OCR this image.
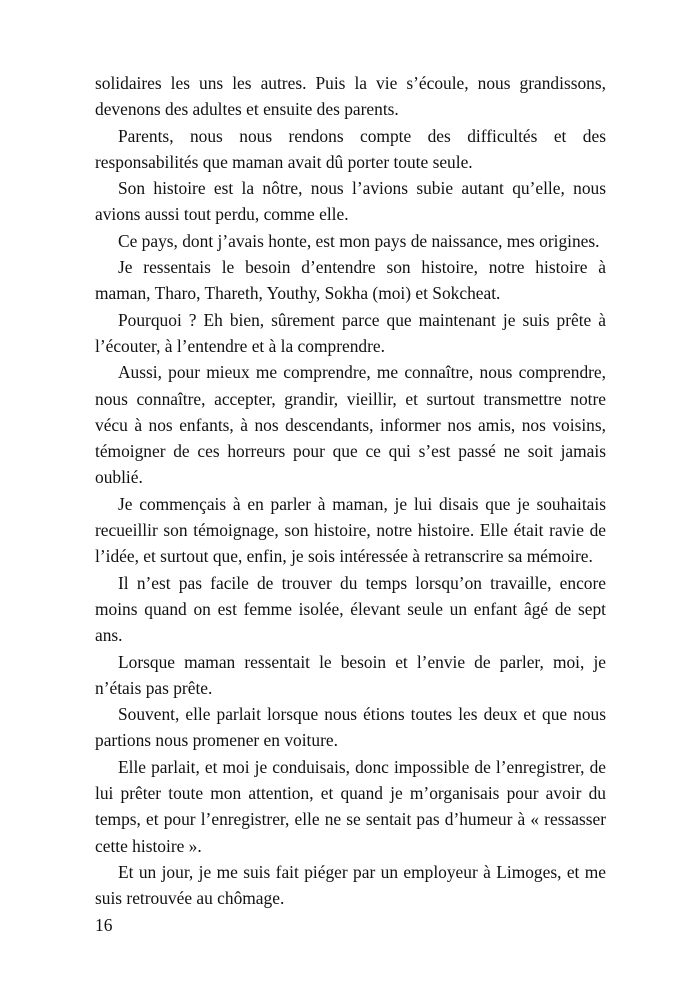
solidaires les uns les autres. Puis la vie s’écoule, nous grandissons, devenons des adultes et ensuite des parents.

Parents, nous nous rendons compte des difficultés et des responsabilités que maman avait dû porter toute seule.

Son histoire est la nôtre, nous l’avions subie autant qu’elle, nous avions aussi tout perdu, comme elle.

Ce pays, dont j’avais honte, est mon pays de naissance, mes origines.

Je ressentais le besoin d’entendre son histoire, notre histoire à maman, Tharo, Thareth, Youthy, Sokha (moi) et Sokcheat.

Pourquoi ? Eh bien, sûrement parce que maintenant je suis prête à l’écouter, à l’entendre et à la comprendre.

Aussi, pour mieux me comprendre, me connaître, nous comprendre, nous connaître, accepter, grandir, vieillir, et surtout transmettre notre vécu à nos enfants, à nos descendants, informer nos amis, nos voisins, témoigner de ces horreurs pour que ce qui s’est passé ne soit jamais oublié.

Je commençais à en parler à maman, je lui disais que je souhaitais recueillir son témoignage, son histoire, notre histoire. Elle était ravie de l’idée, et surtout que, enfin, je sois intéressée à retranscrire sa mémoire.

Il n’est pas facile de trouver du temps lorsqu’on travaille, encore moins quand on est femme isolée, élevant seule un enfant âgé de sept ans.

Lorsque maman ressentait le besoin et l’envie de parler, moi, je n’étais pas prête.

Souvent, elle parlait lorsque nous étions toutes les deux et que nous partions nous promener en voiture.

Elle parlait, et moi je conduisais, donc impossible de l’enregistrer, de lui prêter toute mon attention, et quand je m’organisais pour avoir du temps, et pour l’enregistrer, elle ne se sentait pas d’humeur à « ressasser cette histoire ».

Et un jour, je me suis fait piéger par un employeur à Limoges, et me suis retrouvée au chômage.

16
